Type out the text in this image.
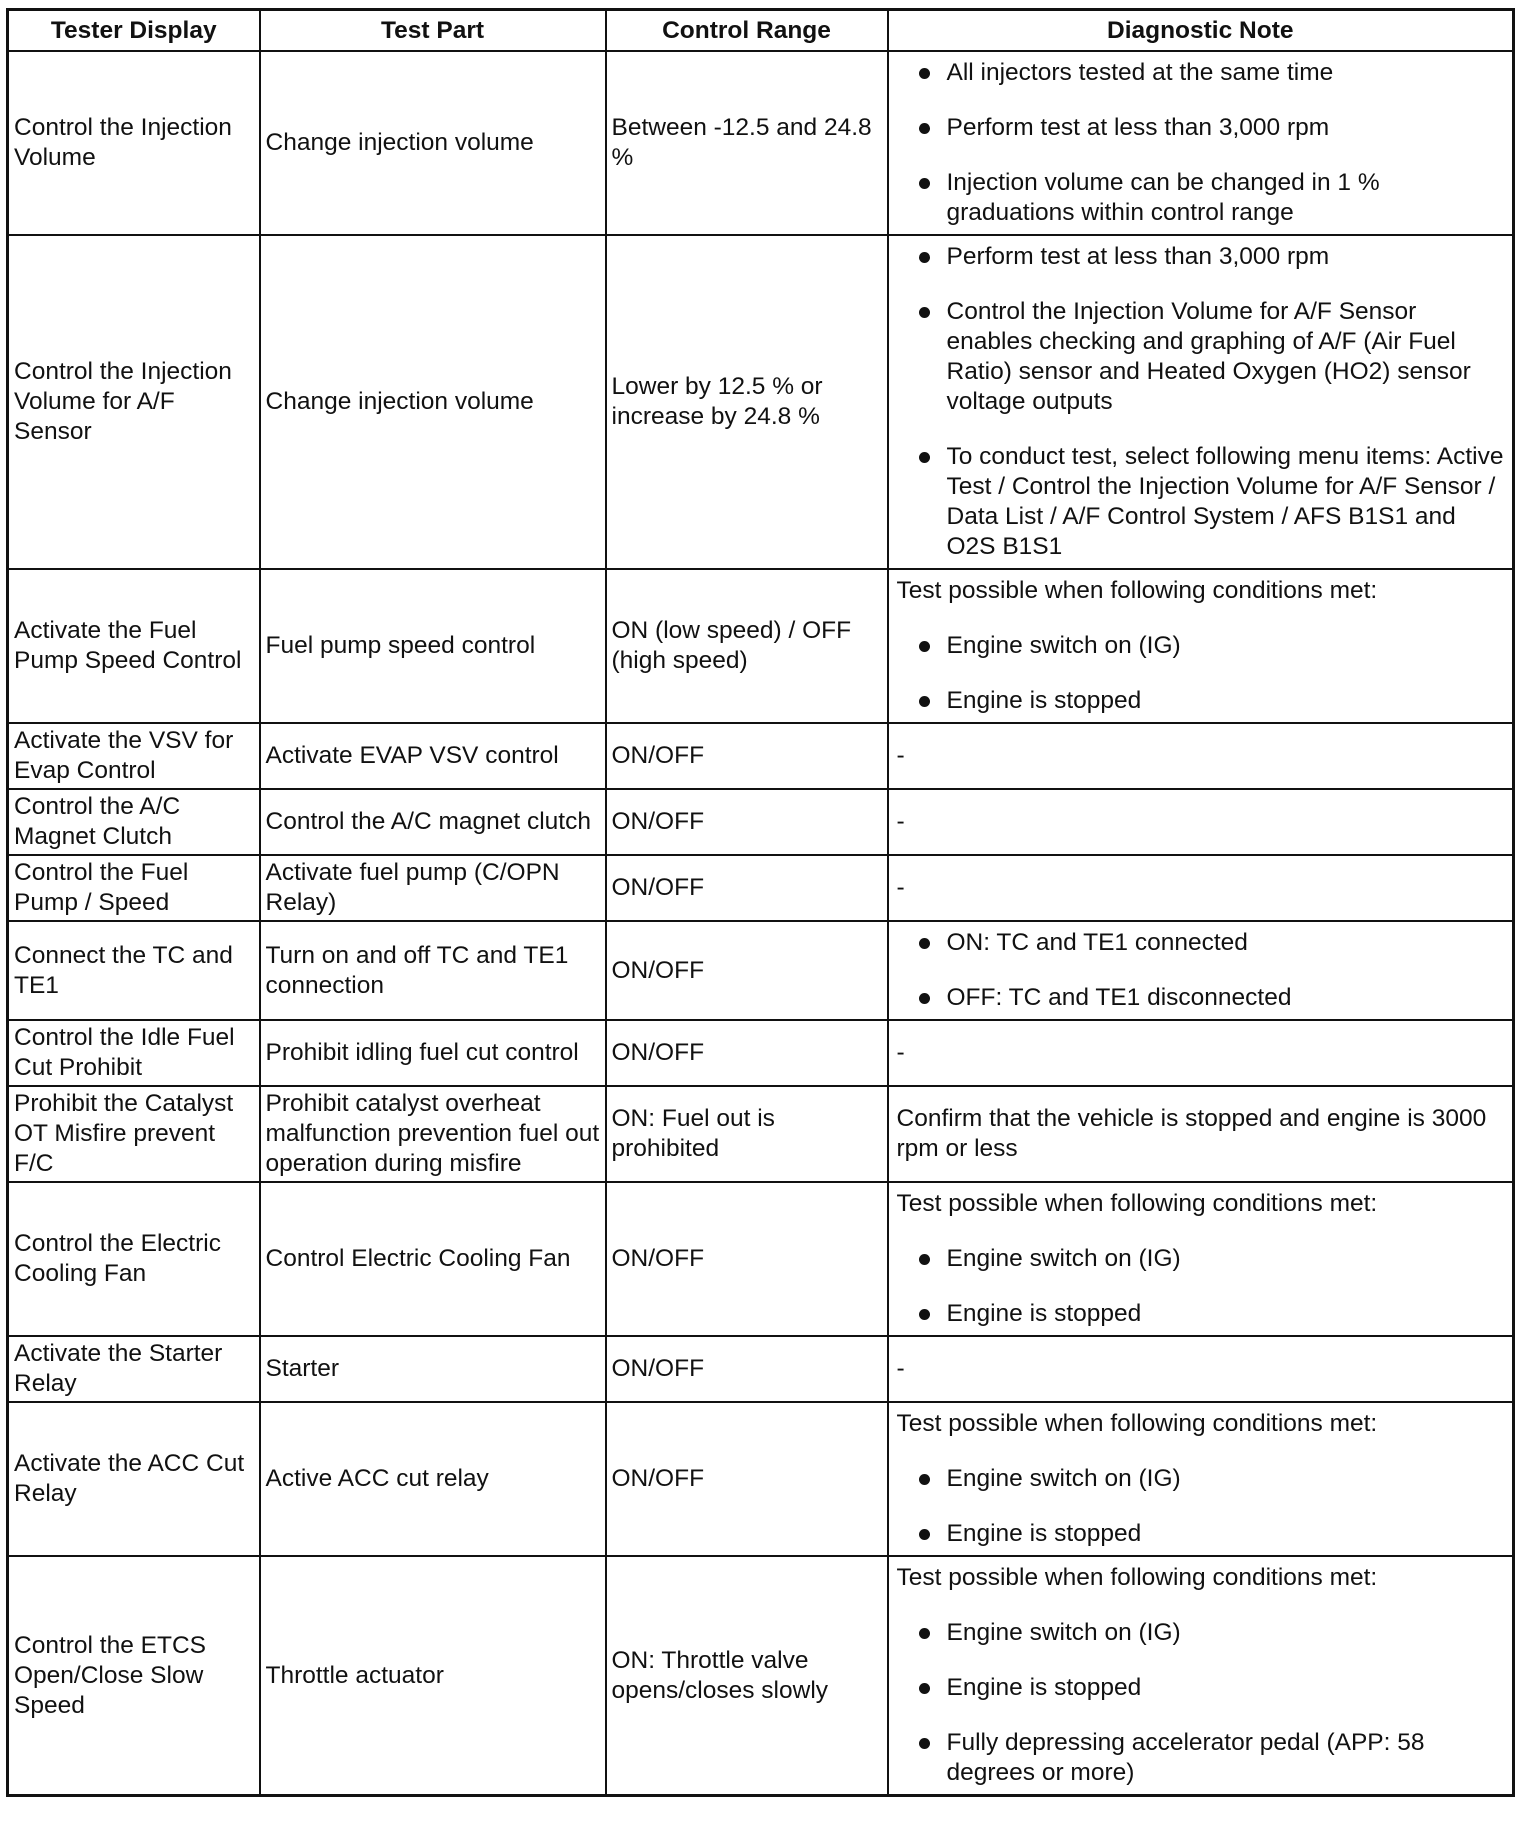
Tester Display	Test Part	Control Range	Diagnostic Note
Control the Injection Volume	Change injection volume	Between -12.5 and 24.8 %	All injectors tested at the same time
Perform test at less than 3,000 rpm
Injection volume can be changed in 1 % graduations within control range

Control the Injection Volume for A/F Sensor	Change injection volume	Lower by 12.5 % or increase by 24.8 %	Perform test at less than 3,000 rpm
Control the Injection Volume for A/F Sensor enables checking and graphing of A/F (Air Fuel Ratio) sensor and Heated Oxygen (HO2) sensor voltage outputs
To conduct test, select following menu items: Active Test / Control the Injection Volume for A/F Sensor / Data List / A/F Control System / AFS B1S1 and O2S B1S1

Activate the Fuel Pump Speed Control	Fuel pump speed control	ON (low speed) / OFF (high speed)	Test possible when following conditions met:
Engine switch on (IG)
Engine is stopped

Activate the VSV for Evap Control	Activate EVAP VSV control	ON/OFF	-

Control the A/C Magnet Clutch	Control the A/C magnet clutch	ON/OFF	-

Control the Fuel Pump / Speed	Activate fuel pump (C/OPN Relay)	ON/OFF	-

Connect the TC and TE1	Turn on and off TC and TE1 connection	ON/OFF	ON: TC and TE1 connected
OFF: TC and TE1 disconnected

Control the Idle Fuel Cut Prohibit	Prohibit idling fuel cut control	ON/OFF	-

Prohibit the Catalyst OT Misfire prevent F/C	Prohibit catalyst overheat malfunction prevention fuel out operation during misfire	ON: Fuel out is prohibited	Confirm that the vehicle is stopped and engine is 3000 rpm or less

Control the Electric Cooling Fan	Control Electric Cooling Fan	ON/OFF	Test possible when following conditions met:
Engine switch on (IG)
Engine is stopped

Activate the Starter Relay	Starter	ON/OFF	-

Activate the ACC Cut Relay	Active ACC cut relay	ON/OFF	Test possible when following conditions met:
Engine switch on (IG)
Engine is stopped

Control the ETCS Open/Close Slow Speed	Throttle actuator	ON: Throttle valve opens/closes slowly	Test possible when following conditions met:
Engine switch on (IG)
Engine is stopped
Fully depressing accelerator pedal (APP: 58 degrees or more)
